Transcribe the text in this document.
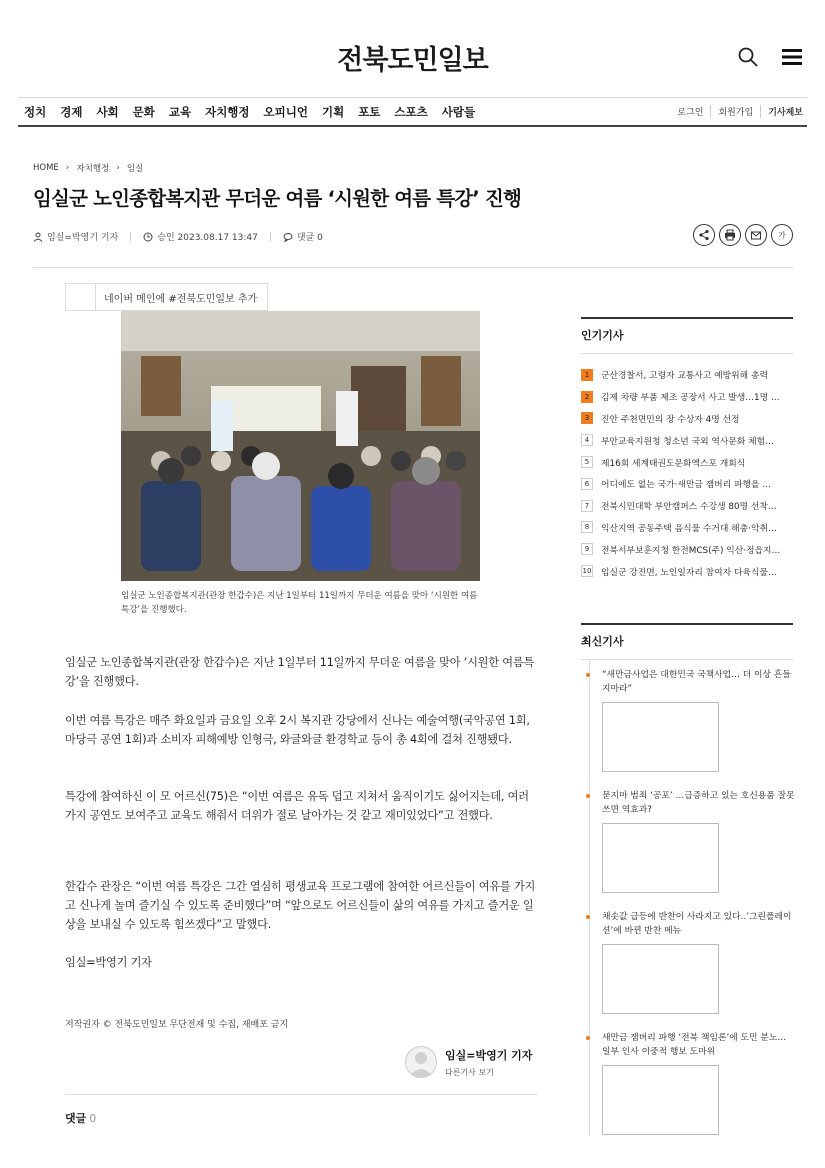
전북도민일보
정치 경제 사회 문화 교육 자치행정 오피니언 기획 포토 스포츠 사람들	로그인	회원가입	기사제보
HOME › 자치행정 › 임실
임실군 노인종합복지관 무더운 여름 ‘시원한 여름 특강’ 진행
임실=박영기 기자	승인 2023.08.17 13:47	댓글 0	가
네이버 메인에 #전북도민일보 추가
임실군 노인종합복지관(관장 한갑수)은 지난 1일부터 11일까지 무더운 여름을 맞아 ‘시원한 여름특강’을 진행했다.

임실군 노인종합복지관(관장 한갑수)은 지난 1일부터 11일까지 무더운 여름을 맞아 ‘시원한 여름특강’을 진행했다.

이번 여름 특강은 매주 화요일과 금요일 오후 2시 복지관 강당에서 신나는 예술여행(국악공연 1회, 마당극 공연 1회)과 소비자 피해예방 인형극, 와글와글 환경학교 등이 총 4회에 걸쳐 진행됐다.

특강에 참여하신 이 모 어르신(75)은 “이번 여름은 유독 덥고 지쳐서 움직이기도 싫어지는데, 여러 가지 공연도 보여주고 교육도 해줘서 더위가 절로 날아가는 것 같고 재미있었다”고 전했다.

한갑수 관장은 “이번 여름 특강은 그간 열심히 평생교육 프로그램에 참여한 어르신들이 여유를 가지고 신나게 놀며 즐기실 수 있도록 준비했다”며 “앞으로도 어르신들이 삶의 여유를 가지고 즐거운 일상을 보내실 수 있도록 힘쓰겠다”고 말했다.

임실=박영기 기자

저작권자 © 전북도민일보 무단전재 및 수집, 재배포 금지
임실=박영기 기자
다른기사 보기
댓글 0
인기기사
1	군산경찰서, 고령자 교통사고 예방위해 총력
2	김제 차량 부품 제조 공장서 사고 발생…1명 …
3	진안 주천면민의 장 수상자 4명 선정
4	부안교육지원청 청소년 국외 역사문화 체험…
5	제16회 세계태권도문화엑스포 개회식
6	어디에도 없는 국가·새만금 잼버리 파행을 …
7	전북시민대학 부안캠퍼스 수강생 80명 선착…
8	익산지역 공동주택 음식물 수거대 해충·악취…
9	전북서부보훈지청 한전MCS(주) 익산·정읍지…
10 임실군 강진면, 노인일자리 참여자 다육식물…
최신기사
“새만금사업은 대한민국 국책사업… 더 이상 흔들지마라”
묻지마 범죄 ‘공포’ …급증하고 있는 호신용품 잘못쓰면 역효과?
채솟값 급등에 반찬이 사라지고 있다..’그린플레이션’에 바뀐 반찬 메뉴
새만금 잼버리 파행 ‘전북 책임론’에 도민 분노… 일부 인사 이중적 행보 도마위
